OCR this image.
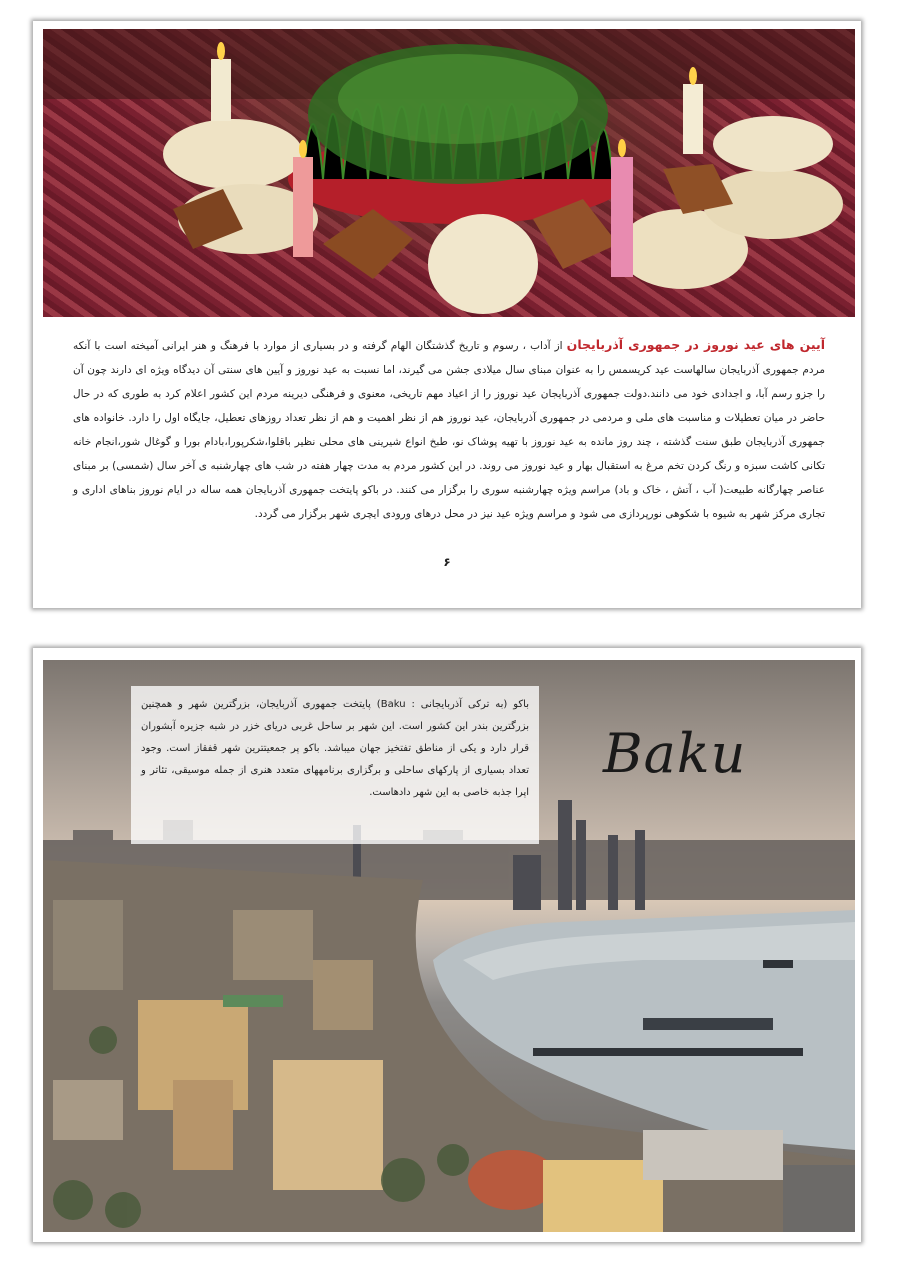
آیین های عید نوروز در جمهوری آذربایجان از آداب ، رسوم و تاریخ گذشتگان الهام گرفته و در بسیاری از موارد با فرهنگ و هنر ایرانی آمیخته است با آنکه مردم جمهوری آذربایجان سالهاست عید کریسمس را به عنوان مبنای سال میلادی جشن می گیرند، اما نسبت به عید نوروز و آیین های سنتی آن دیدگاه ویژه ای دارند چون آن را جزو رسم آبا، و اجدادی خود می دانند.دولت جمهوری آذربایجان عید نوروز را از اعیاد مهم تاریخی، معنوی و فرهنگی دیرینه مردم این کشور اعلام کرد به طوری که در حال حاضر در میان تعطیلات و مناسبت های ملی و مردمی در جمهوری آذربایجان، عید نوروز هم از نظر اهمیت و هم از نظر تعداد روزهای تعطیل، جایگاه اول را دارد. خانواده های جمهوری آذربایجان طبق سنت گذشته ، چند روز مانده به عید نوروز با تهیه پوشاک نو، طبخ انواع شیرینی های محلی نظیر باقلوا،شکرپورا،بادام بورا و گوغال شور،انجام خانه تکانی کاشت سبزه و رنگ کردن تخم مرغ به استقبال بهار و عید نوروز می روند. در این کشور مردم به مدت چهار هفته در شب های چهارشنبه ی آخر سال (شمسی) بر مبنای عناصر چهارگانه طبیعت( آب ، آتش ، خاک و باد) مراسم ویژه چهارشنبه سوری را برگزار می کنند. در باکو پایتخت جمهوری آذربایجان همه ساله در ایام نوروز بناهای اداری و تجاری مرکز شهر به شیوه با شکوهی نورپردازی می شود و مراسم ویژه عید نیز در محل درهای ورودی ایچری شهر برگزار می گردد.
۶
Baku
باکو (به ترکی آذربایجانی : Baku) پایتخت جمهوری آذربایجان، بزرگترین شهر و همچنین بزرگترین بندر این کشور است. این شهر بر ساحل غربی دریای خزر در شبه جزیره آبشوران قرار دارد و یکی از مناطق تفتخیز جهان میباشد. باکو پر جمعیتترین شهر قفقاز است. وجود تعداد بسیاری از پارکهای ساحلی و برگزاری برنامههای متعدد هنری از جمله موسیقی، تئاتر و اپرا جذبه خاصی به این شهر دادهاست.
